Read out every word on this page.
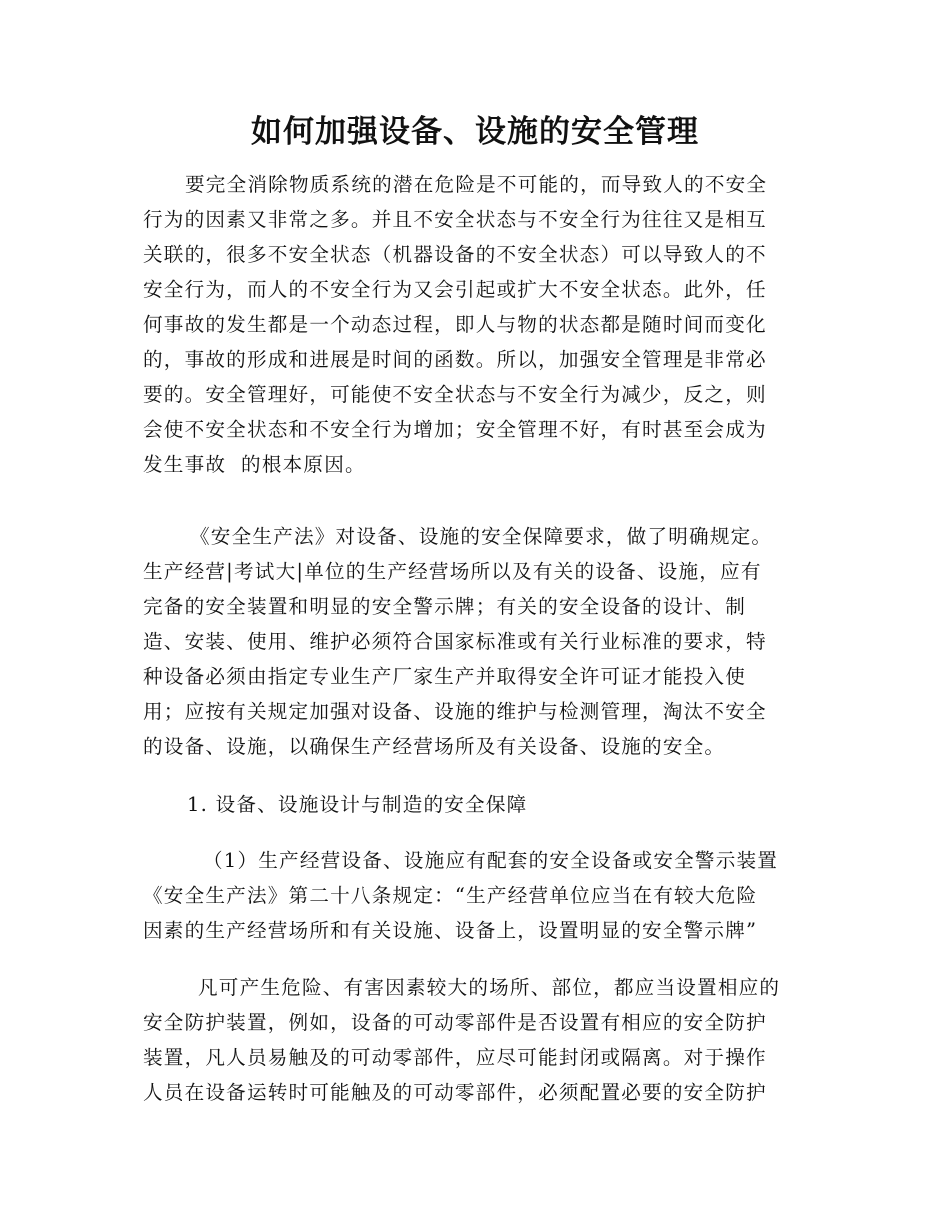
如何加强设备、设施的安全管理
要完全消除物质系统的潜在危险是不可能的，而导致人的不安全
行为的因素又非常之多。并且不安全状态与不安全行为往往又是相互
关联的，很多不安全状态（机器设备的不安全状态）可以导致人的不
安全行为，而人的不安全行为又会引起或扩大不安全状态。此外，任
何事故的发生都是一个动态过程，即人与物的状态都是随时间而变化
的，事故的形成和进展是时间的函数。所以，加强安全管理是非常必
要的。安全管理好，可能使不安全状态与不安全行为减少，反之，则
会使不安全状态和不安全行为增加；安全管理不好，有时甚至会成为
发生事故  的根本原因。
《安全生产法》对设备、设施的安全保障要求，做了明确规定。
生产经营|考试大|单位的生产经营场所以及有关的设备、设施，应有
完备的安全装置和明显的安全警示牌；有关的安全设备的设计、制
造、安装、使用、维护必须符合国家标准或有关行业标准的要求，特
种设备必须由指定专业生产厂家生产并取得安全许可证才能投入使
用；应按有关规定加强对设备、设施的维护与检测管理，淘汰不安全
的设备、设施，以确保生产经营场所及有关设备、设施的安全。
1. 设备、设施设计与制造的安全保障
（1）生产经营设备、设施应有配套的安全设备或安全警示装置
《安全生产法》第二十八条规定：“生产经营单位应当在有较大危险
因素的生产经营场所和有关设施、设备上，设置明显的安全警示牌”
凡可产生危险、有害因素较大的场所、部位，都应当设置相应的
安全防护装置，例如，设备的可动零部件是否设置有相应的安全防护
装置，凡人员易触及的可动零部件，应尽可能封闭或隔离。对于操作
人员在设备运转时可能触及的可动零部件，必须配置必要的安全防护
